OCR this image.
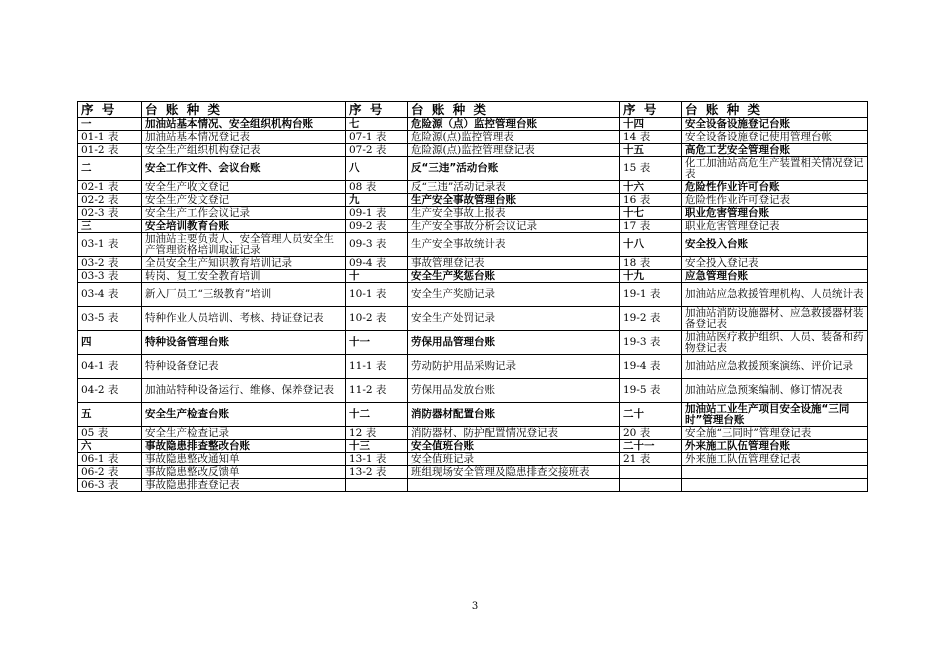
序 号	台 账 种 类	序 号	台 账 种 类	序 号	台 账 种 类
一	加油站基本情况、安全组织机构台账	七	危险源（点）监控管理台账	十四	安全设备设施登记台账
01-1 表	加油站基本情况登记表	07-1 表	危险源(点)监控管理表	14 表	安全设备设施登记使用管理台帐
01-2 表	安全生产组织机构登记表	07-2 表	危险源(点)监控管理登记表	十五	高危工艺安全管理台账
二	安全工作文件、会议台账	八	反“三违”活动台账	15 表	化工加油站高危生产装置相关情况登记表
02-1 表	安全生产收文登记	08 表	反“三违”活动记录表	十六	危险性作业许可台账
02-2 表	安全生产发文登记	九	生产安全事故管理台账	16 表	危险性作业许可登记表
02-3 表	安全生产工作会议记录	09-1 表	生产安全事故上报表	十七	职业危害管理台账
三	安全培训教育台账	09-2 表	生产安全事故分析会议记录	17 表	职业危害管理登记表
03-1 表	加油站主要负责人、安全管理人员安全生产管理资格培训取证记录	09-3 表	生产安全事故统计表	十八	安全投入台账
03-2 表	全员安全生产知识教育培训记录	09-4 表	事故管理登记表	18 表	安全投入登记表
03-3 表	转岗、复工安全教育培训	十	安全生产奖惩台账	十九	应急管理台账
03-4 表	新入厂员工“三级教育”培训	10-1 表	安全生产奖励记录	19-1 表	加油站应急救援管理机构、人员统计表
03-5 表	特种作业人员培训、考核、持证登记表	10-2 表	安全生产处罚记录	19-2 表	加油站消防设施器材、应急救援器材装备登记表
四	特种设备管理台账	十一	劳保用品管理台账	19-3 表	加油站医疗救护组织、人员、装备和药物登记表
04-1 表	特种设备登记表	11-1 表	劳动防护用品采购记录	19-4 表	加油站应急救援预案演练、评价记录
04-2 表	加油站特种设备运行、维修、保养登记表	11-2 表	劳保用品发放台账	19-5 表	加油站应急预案编制、修订情况表
五	安全生产检查台账	十二	消防器材配置台账	二十	加油站工业生产项目安全设施“三同时”管理台账
05 表	安全生产检查记录	12 表	消防器材、防护配置情况登记表	20 表	安全施“三同时”管理登记表
六	事故隐患排查整改台账	十三	安全值班台账	二十一	外来施工队伍管理台账
06-1 表	事故隐患整改通知单	13-1 表	安全值班记录	21 表	外来施工队伍管理登记表
06-2 表	事故隐患整改反馈单	13-2 表	班组现场安全管理及隐患排查交接班表		
06-3 表	事故隐患排查登记表				
3
